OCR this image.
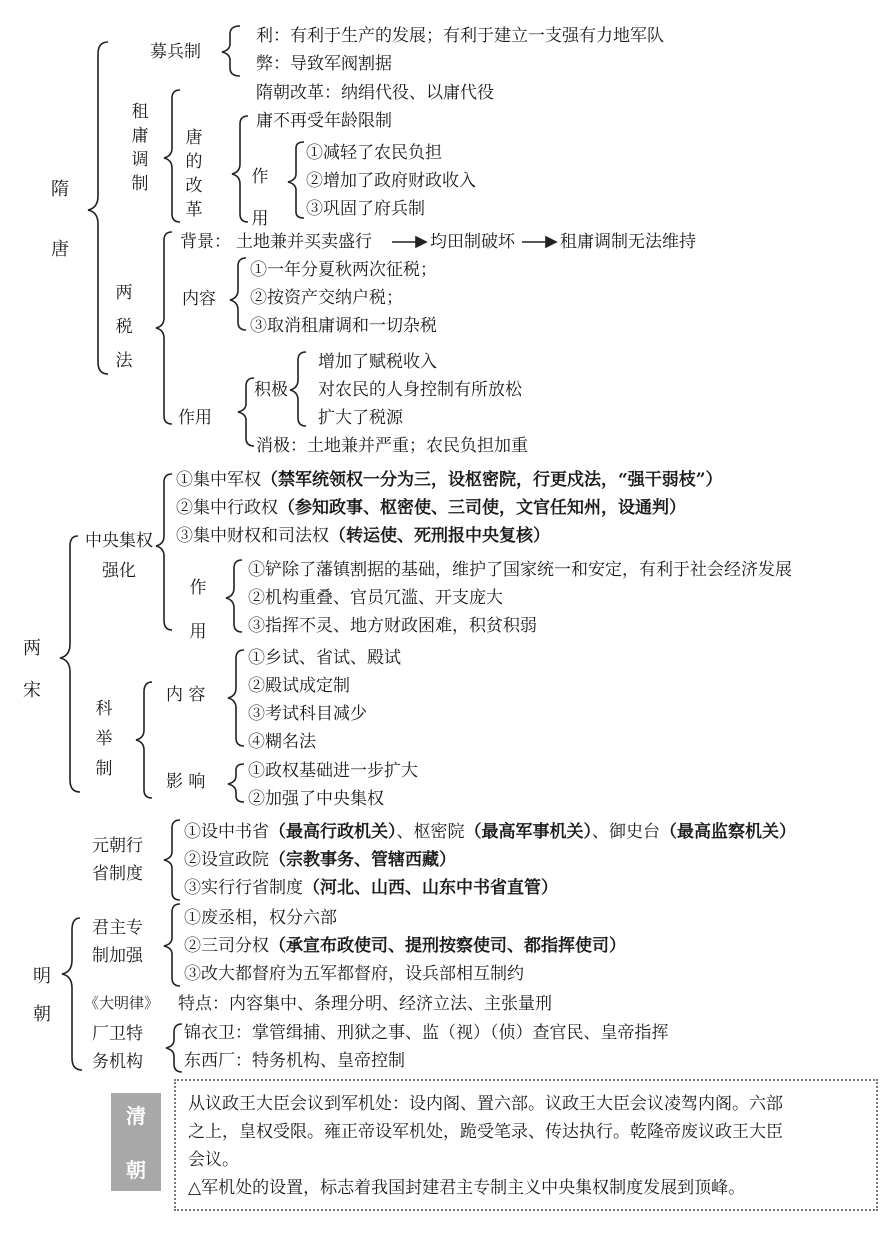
隋唐
募兵制
利：有利于生产的发展；有利于建立一支强有力地军队
弊：导致军阀割据
租庸调制
隋朝改革：纳绢代役、以庸代役
唐的改革
庸不再受年龄限制
作用
①减轻了农民负担
②增加了政府财政收入
③巩固了府兵制
两税法
背景： 土地兼并买卖盛行	均田制破坏	租庸调制无法维持
内容
①一年分夏秋两次征税；
②按资产交纳户税；
③取消租庸调和一切杂税
作用
积极
增加了赋税收入
对农民的人身控制有所放松
扩大了税源
消极：土地兼并严重；农民负担加重
两宋
中央集权强化
①集中军权（禁军统领权一分为三，设枢密院，行更戍法，“强干弱枝”）
②集中行政权（参知政事、枢密使、三司使，文官任知州，设通判）
③集中财权和司法权（转运使、死刑报中央复核）
作用
①铲除了藩镇割据的基础，维护了国家统一和安定，有利于社会经济发展
②机构重叠、官员冗滥、开支庞大
③指挥不灵、地方财政困难，积贫积弱
科举制
内 容
①乡试、省试、殿试
②殿试成定制
③考试科目减少
④糊名法
影 响
①政权基础进一步扩大
②加强了中央集权
元朝行
省制度
①设中书省（最高行政机关）、枢密院（最高军事机关）、御史台（最高监察机关）
②设宣政院（宗教事务、管辖西藏）
③实行行省制度（河北、山西、山东中书省直管）
明朝
君主专
制加强
①废丞相，权分六部
②三司分权（承宣布政使司、提刑按察使司、都指挥使司）
③改大都督府为五军都督府，设兵部相互制约
《大明律》 特点：内容集中、条理分明、经济立法、主张量刑
厂卫特
务机构
锦衣卫：掌管缉捕、刑狱之事、监（视）（侦）查官民、皇帝指挥
东西厂：特务机构、皇帝控制
清
朝
从议政王大臣会议到军机处：设内阁、置六部。议政王大臣会议凌驾内阁。六部
之上，皇权受限。雍正帝设军机处，跪受笔录、传达执行。乾隆帝废议政王大臣
会议。
△军机处的设置，标志着我国封建君主专制主义中央集权制度发展到顶峰。
